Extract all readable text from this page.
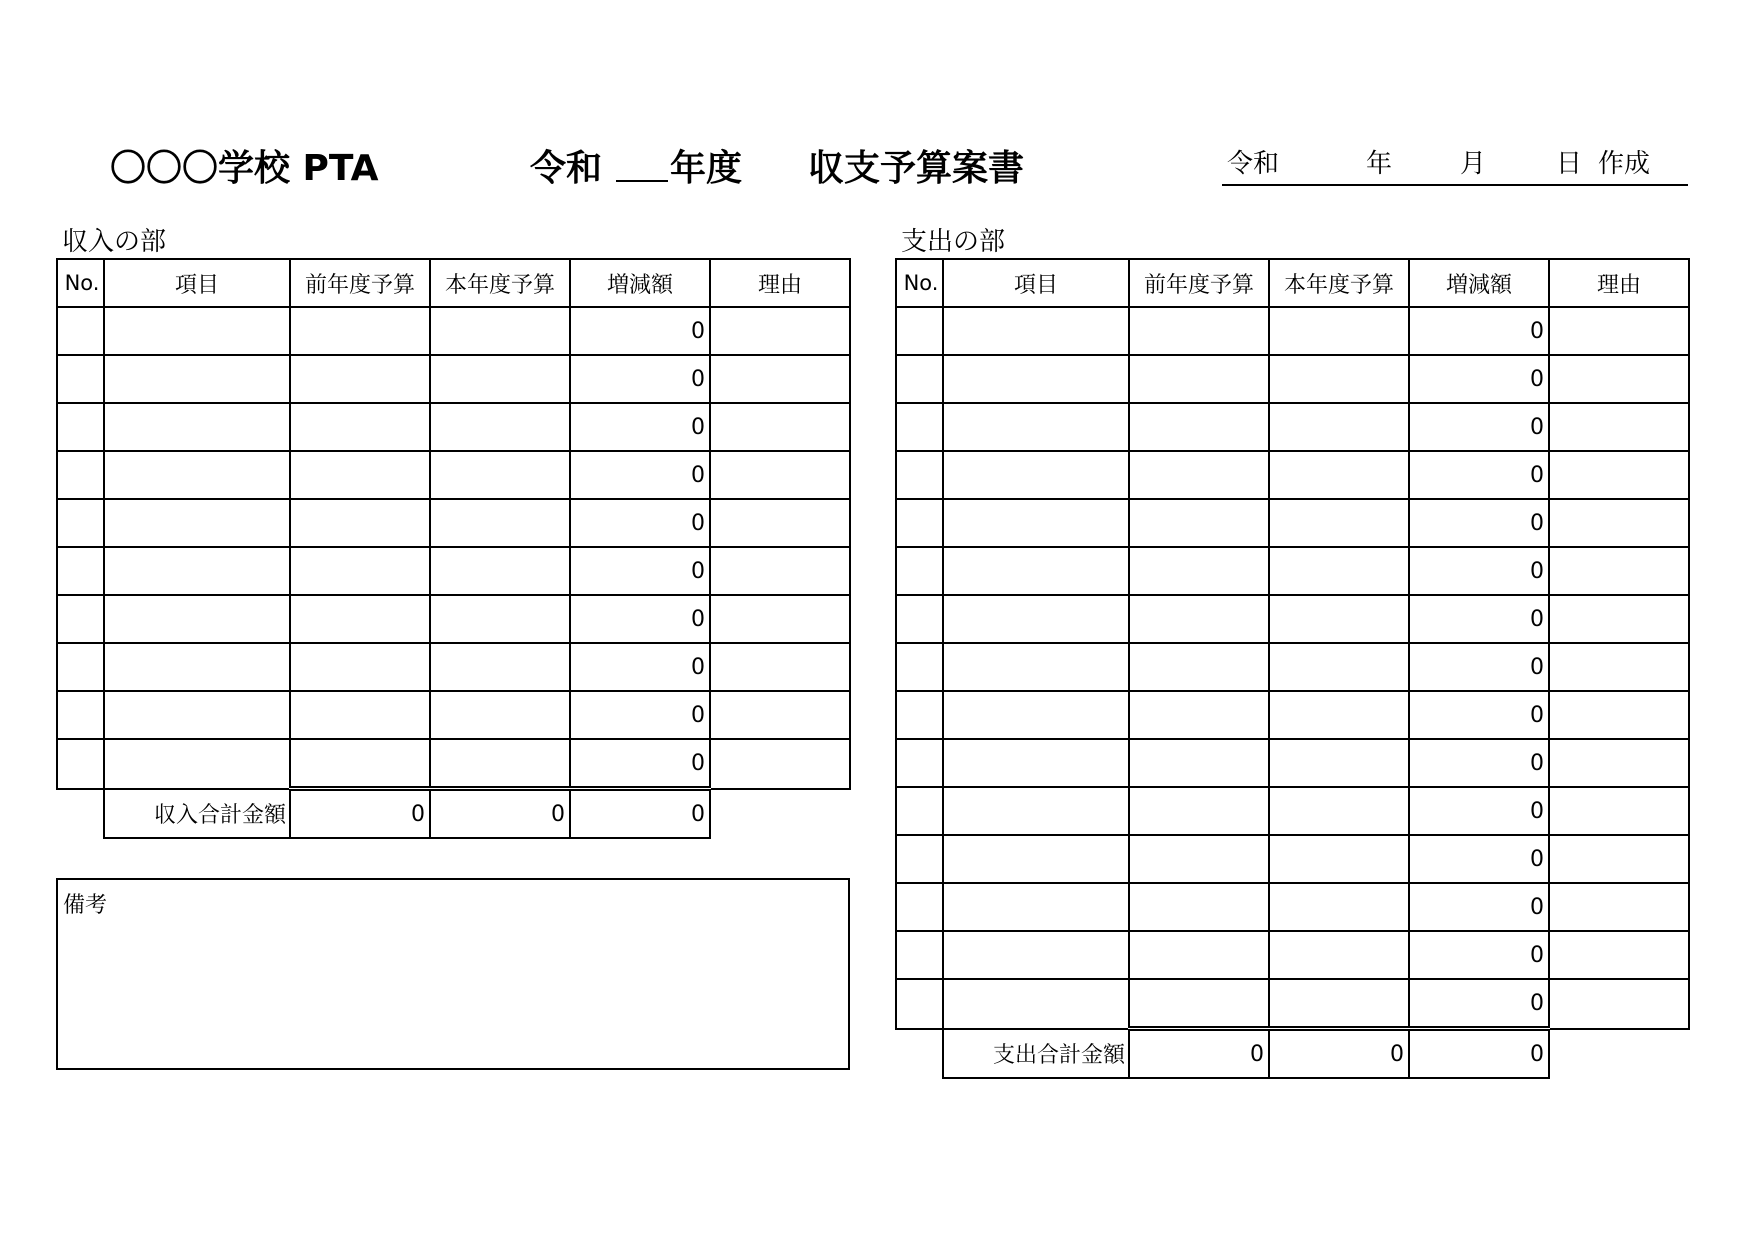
〇〇〇学校 PTA	令和 年度 収支予算案書	令和	年	月	日 作成
収入の部	支出の部
No.	項目	前年度予算	本年度予算	増減額	理由
				0	
				0	
				0	
				0	
				0	
				0	
				0	
				0	
				0	
				0	
	収入合計金額	0	0	0	
備考
No.	項目	前年度予算	本年度予算	増減額	理由
				0	
				0	
				0	
				0	
				0	
				0	
				0	
				0	
				0	
				0	
				0	
				0	
				0	
				0	
				0	
	支出合計金額	0	0	0	
